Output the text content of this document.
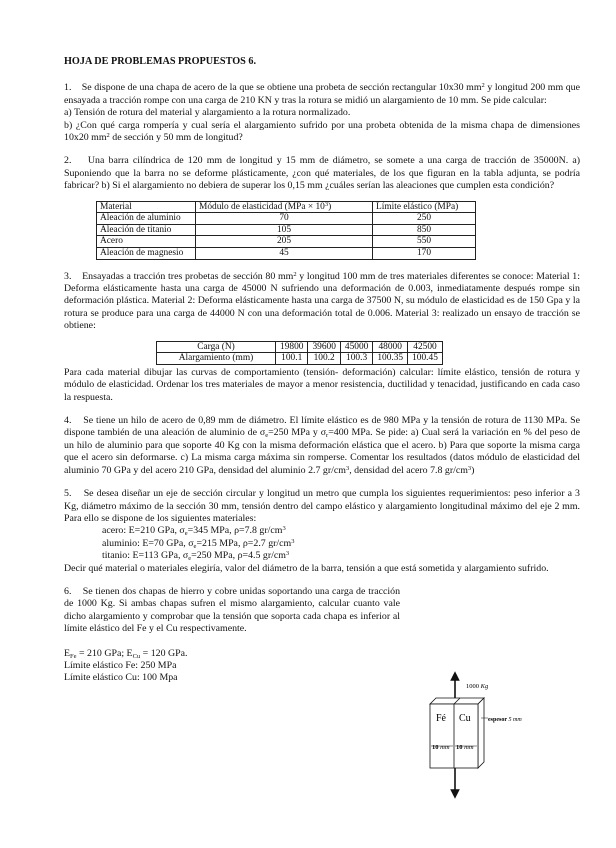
HOJA DE PROBLEMAS PROPUESTOS 6.

1. Se dispone de una chapa de acero de la que se obtiene una probeta de sección rectangular 10x30 $mm^2$ y longitud 200 mm que ensayada a tracción rompe con una carga de 210 KN y tras la rotura se midió un alargamiento de 10 mm. Se pide calcular:

a) Tensión de rotura del material y alargamiento a la rotura normalizado.

b) ¿Con qué carga rompería y cual sería el alargamiento sufrido por una probeta obtenida de la misma chapa de dimensiones 10x20 $mm^2$ de sección y 50 mm de longitud?

2. Una barra cilíndrica de 120 mm de longitud y 15 mm de diámetro, se somete a una carga de tracción de 35000N. a) Suponiendo que la barra no se deforme plásticamente, ¿con qué materiales, de los que figuran en la tabla adjunta, se podría fabricar? b) Si el alargamiento no debiera de superar los 0,15 mm ¿cuáles serían las aleaciones que cumplen esta condición?

Material	Módulo de elasticidad $(MPa \times 10^3)$	Límite elástico (MPa)
Aleación de aluminio	70	250
Aleación de titanio	105	850
Acero	205	550
Aleación de magnesio	45	170

3. Ensayadas a tracción tres probetas de sección 80 $mm^2$ y longitud 100 mm de tres materiales diferentes se conoce: Material 1: Deforma elásticamente hasta una carga de 45000 N sufriendo una deformación de 0.003, inmediatamente después rompe sin deformación plástica. Material 2: Deforma elásticamente hasta una carga de 37500 N, su módulo de elasticidad es de 150 Gpa y la rotura se produce para una carga de 44000 N con una deformación total de 0.006. Material 3: realizado un ensayo de tracción se obtiene:

Carga (N)	19800	39600	45000	48000	42500
Alargamiento (mm)	100.1	100.2	100.3	100.35	100.45

Para cada material dibujar las curvas de comportamiento (tensión- deformación) calcular: límite elástico, tensión de rotura y módulo de elasticidad. Ordenar los tres materiales de mayor a menor resistencia, ductilidad y tenacidad, justificando en cada caso la respuesta.

4. Se tiene un hilo de acero de 0,89 mm de diámetro. El límite elástico es de 980 MPa y la tensión de rotura de 1130 MPa. Se dispone también de una aleación de aluminio de $\sigma_e=250$ MPa y $\sigma_r=400$ MPa. Se pide: a) Cual será la variación en % del peso de un hilo de aluminio para que soporte 40 Kg con la misma deformación elástica que el acero. b) Para que soporte la misma carga que el acero sin deformarse. c) La misma carga máxima sin romperse. Comentar los resultados (datos módulo de elasticidad del aluminio 70 GPa y del acero 210 GPa, densidad del aluminio 2.7 $gr/cm^3$, densidad del acero 7.8 $gr/cm^3$)

5. Se desea diseñar un eje de sección circular y longitud un metro que cumpla los siguientes requerimientos: peso inferior a 3 Kg, diámetro máximo de la sección 30 mm, tensión dentro del campo elástico y alargamiento longitudinal máximo del eje 2 mm. Para ello se dispone de los siguientes materiales:

acero: E=210 GPa, $\sigma_e=345$ MPa, ρ=7.8 $gr/cm^3$

aluminio: E=70 GPa, $\sigma_e=215$ MPa, ρ=2.7 $gr/cm^3$

titanio: E=113 GPa, $\sigma_e=250$ MPa, ρ=4.5 $gr/cm^3$

Decir qué material o materiales elegiría, valor del diámetro de la barra, tensión a que está sometida y alargamiento sufrido.

6. Se tienen dos chapas de hierro y cobre unidas soportando una carga de tracción de 1000 Kg. Si ambas chapas sufren el mismo alargamiento, calcular cuanto vale dicho alargamiento y comprobar que la tensión que soporta cada chapa es inferior al límite elástico del Fe y el Cu respectivamente.

$E_{Fe} = 210$ GPa; $E_{Cu} = 120$ GPa.

Límite elástico Fe: 250 MPa

Límite elástico Cu: 100 Mpa

1000 Kg
Fé Cu	espesor 5 mm
10 mm 10 mm
